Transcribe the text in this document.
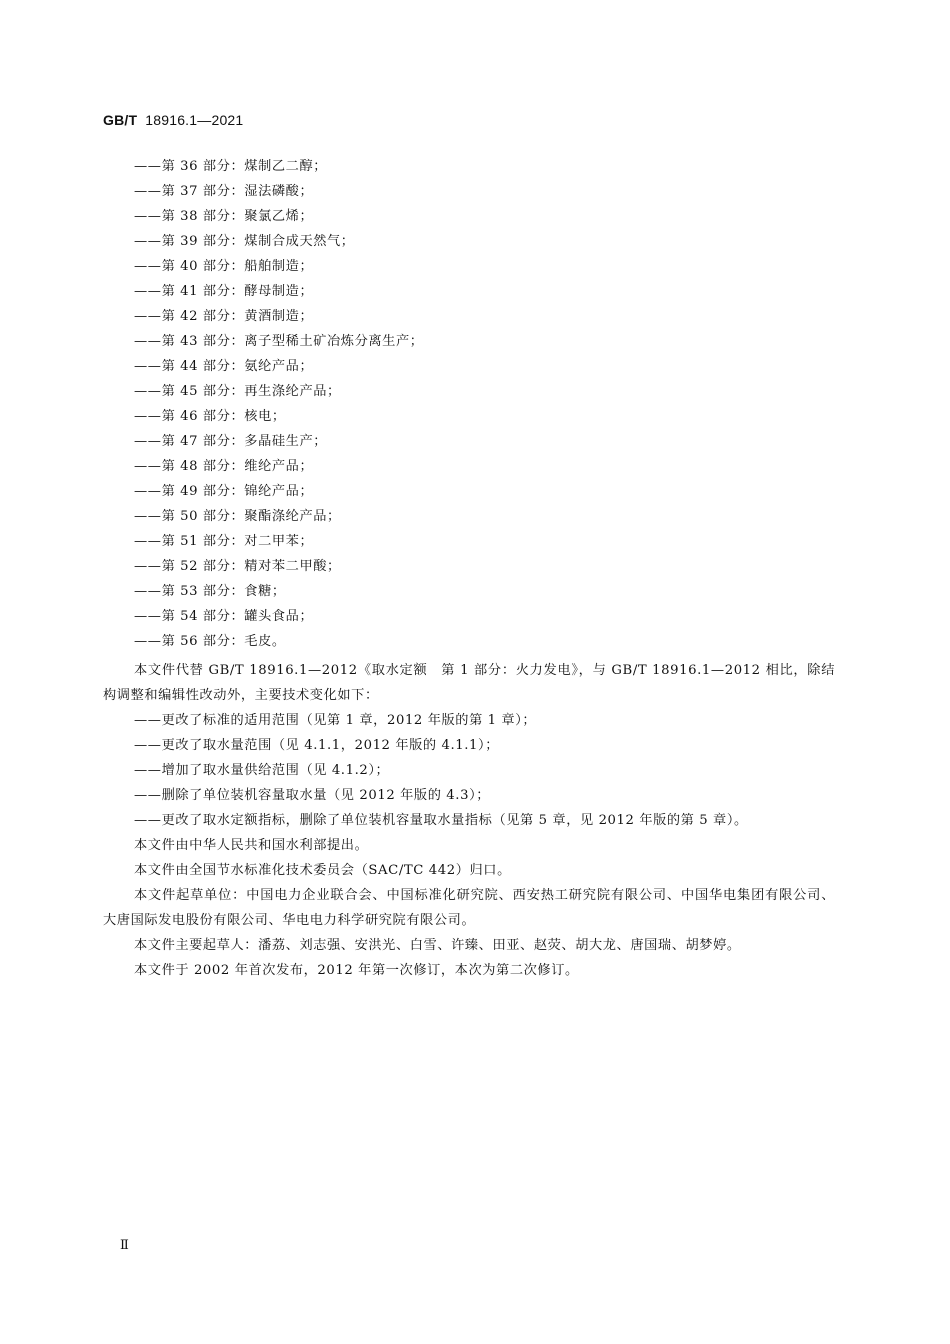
GB/T 18916.1—2021
——第 36 部分：煤制乙二醇；
——第 37 部分：湿法磷酸；
——第 38 部分：聚氯乙烯；
——第 39 部分：煤制合成天然气；
——第 40 部分：船舶制造；
——第 41 部分：酵母制造；
——第 42 部分：黄酒制造；
——第 43 部分：离子型稀土矿冶炼分离生产；
——第 44 部分：氨纶产品；
——第 45 部分：再生涤纶产品；
——第 46 部分：核电；
——第 47 部分：多晶硅生产；
——第 48 部分：维纶产品；
——第 49 部分：锦纶产品；
——第 50 部分：聚酯涤纶产品；
——第 51 部分：对二甲苯；
——第 52 部分：精对苯二甲酸；
——第 53 部分：食糖；
——第 54 部分：罐头食品；
——第 56 部分：毛皮。
本文件代替 GB/T 18916.1—2012《取水定额　第 1 部分：火力发电》，与 GB/T 18916.1—2012 相比，除结构调整和编辑性改动外，主要技术变化如下：
——更改了标准的适用范围（见第 1 章，2012 年版的第 1 章）；
——更改了取水量范围（见 4.1.1，2012 年版的 4.1.1）；
——增加了取水量供给范围（见 4.1.2）；
——删除了单位装机容量取水量（见 2012 年版的 4.3）；
——更改了取水定额指标，删除了单位装机容量取水量指标（见第 5 章，见 2012 年版的第 5 章）。
本文件由中华人民共和国水利部提出。
本文件由全国节水标准化技术委员会（SAC/TC 442）归口。
本文件起草单位：中国电力企业联合会、中国标准化研究院、西安热工研究院有限公司、中国华电集团有限公司、大唐国际发电股份有限公司、华电电力科学研究院有限公司。
本文件主要起草人：潘荔、刘志强、安洪光、白雪、许臻、田亚、赵荧、胡大龙、唐国瑞、胡梦婷。
本文件于 2002 年首次发布，2012 年第一次修订，本次为第二次修订。
Ⅱ
